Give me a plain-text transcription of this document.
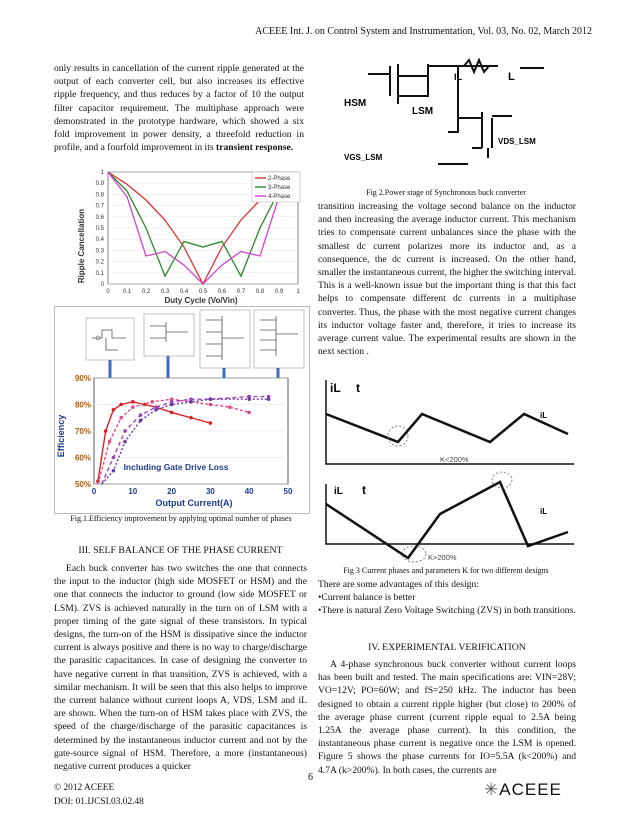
ACEEE Int. J. on Control System and Instrumentation, Vol. 03, No. 02, March 2012
only results in cancellation of the current ripple generated at the output of each converter cell, but also increases its effective ripple frequency, and thus reduces by a factor of 10 the output filter capacitor requirement. The multiphase approach were demonstrated in the prototype hardware, which showed a six fold improvement in power density, a threefold reduction in profile, and a fourfold improvement in its transient response.
1
0.9
0.8
0.7
0.6
0.5
0.4
0.3
0.2
0.1
0
0 0.1 0.2 0.3 0.4 0.5 0.6 0.7 0.8 0.9 1
Ripple Cancellation
Duty Cycle (Vo/Vin)
2-Phase
3-Phase
4-Phase
90%
80%
70%
60%
50%
0	10	20	30	40	50
Efficiency
Output Current(A)
Including Gate Drive Loss
Fig.1.Efficiency improvement by applying optimal number of phases
III. SELF BALANCE OF THE PHASE CURRENT

Each buck converter has two switches the one that connects the input to the inductor (high side MOSFET or HSM) and the one that connects the inductor to ground (low side MOSFET or LSM). ZVS is achieved naturally in the turn on of LSM with a proper timing of the gate signal of these transistors. In typical designs, the turn-on of the HSM is dissipative since the inductor current is always positive and there is no way to charge/discharge the parasitic capacitances. In case of designing the converter to have negative current in that transition, ZVS is achieved, with a similar mechanism. It will be seen that this also helps to improve the current balance without current loops A, VDS, LSM and iL are shown. When the turn-on of HSM takes place with ZVS, the speed of the charge/discharge of the parasitic capacitances is determined by the instantaneous inductor current and not by the gate-source signal of HSM. Therefore, a more (instantaneous) negative current produces a quicker

IL	L
HSM
LSM
VDS_LSM
VGS_LSM
Fig 2.Power stage of Synchronous buck converter

transition increasing the voltage second balance on the inductor and then increasing the average inductor current. This mechanism tries to compensate current unbalances since the phase with the smallest dc current polarizes more its inductor and, as a consequence, the dc current is increased. On the other hand, smaller the instantaneous current, the higher the switching interval. This is a well-known issue but the important thing is that this fact helps to compensate different dc currents in a multiphase converter. Thus, the phase with the most negative current changes its inductor voltage faster and, therefore, it tries to increase its average current value. The experimental results are shown in the next section .

iL t
iL t
K<200%
K>200%
iL
iL
Fig 3 Current phases and parameters K for two different designs

There are some advantages of this design:

• Current balance is better

• There is natural Zero Voltage Switching (ZVS) in both transitions.

IV. EXPERIMENTAL VERIFICATION

A 4-phase synchronous buck converter without current loops has been built and tested. The main specifications are: VIN=28V; VO=12V; PO=60W; and fS=250 kHz. The inductor has been designed to obtain a current ripple higher (but close) to 200% of the average phase current (current ripple equal to 2.5A being 1.25A the average phase current). In this condition, the instantaneous phase current is negative once the LSM is opened. Figure 5 shows the phase currents for IO=5.5A (k<200%) and 4.7A (k>200%). In both cases, the currents are

© 2012 ACEEE
DOI: 01.IJCSI.03.02.48
6
✳ACEEE
